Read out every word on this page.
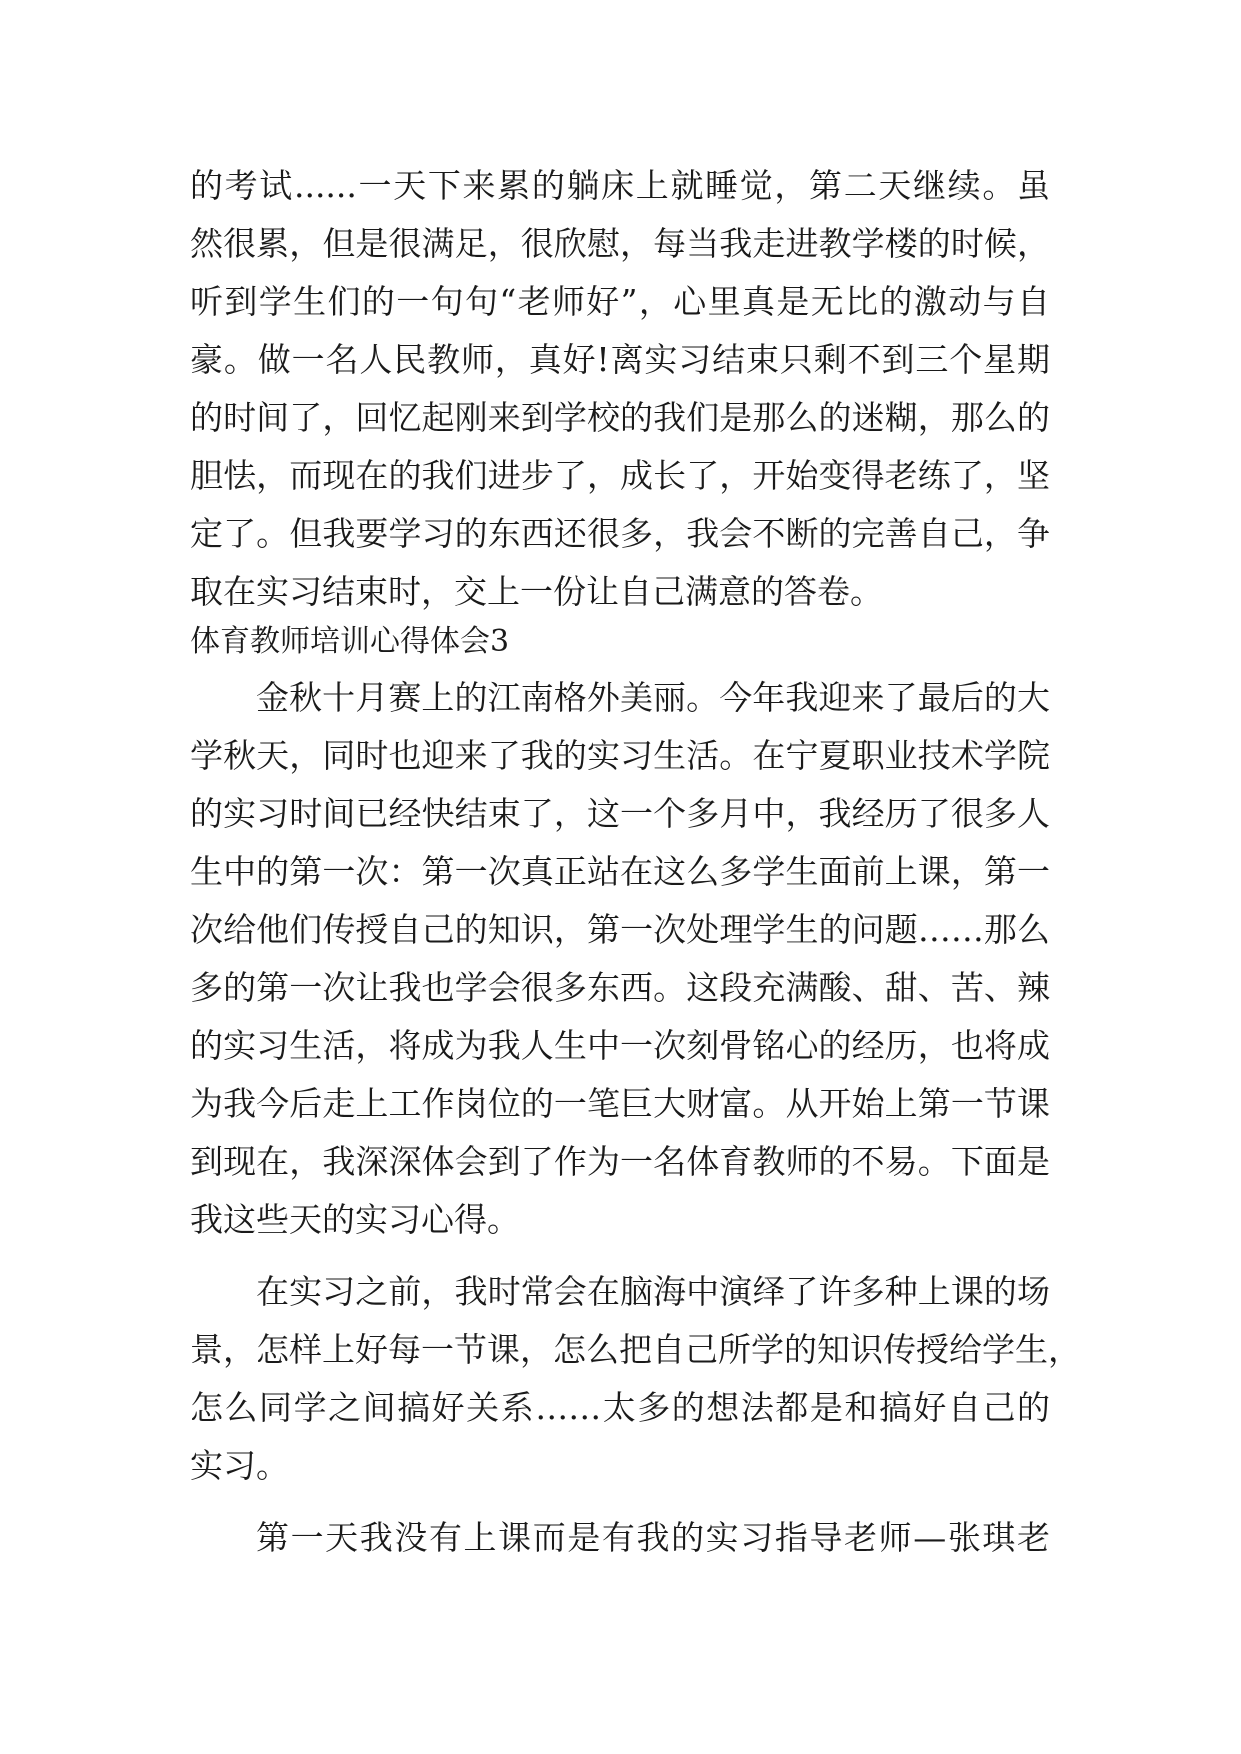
的考试......一天下来累的躺床上就睡觉，第二天继续。虽
然很累，但是很满足，很欣慰，每当我走进教学楼的时候，
听到学生们的一句句“老师好”，心里真是无比的激动与自
豪。做一名人民教师，真好!离实习结束只剩不到三个星期
的时间了，回忆起刚来到学校的我们是那么的迷糊，那么的
胆怯，而现在的我们进步了，成长了，开始变得老练了，坚
定了。但我要学习的东西还很多，我会不断的完善自己，争
取在实习结束时，交上一份让自己满意的答卷。
体育教师培训心得体会3
金秋十月赛上的江南格外美丽。今年我迎来了最后的大
学秋天，同时也迎来了我的实习生活。在宁夏职业技术学院
的实习时间已经快结束了，这一个多月中，我经历了很多人
生中的第一次：第一次真正站在这么多学生面前上课，第一
次给他们传授自己的知识，第一次处理学生的问题……那么
多的第一次让我也学会很多东西。这段充满酸、甜、苦、辣
的实习生活，将成为我人生中一次刻骨铭心的经历，也将成
为我今后走上工作岗位的一笔巨大财富。从开始上第一节课
到现在，我深深体会到了作为一名体育教师的不易。下面是
我这些天的实习心得。
在实习之前，我时常会在脑海中演绎了许多种上课的场
景，怎样上好每一节课，怎么把自己所学的知识传授给学生，
怎么同学之间搞好关系……太多的想法都是和搞好自己的
实习。
第一天我没有上课而是有我的实习指导老师—张琪老
